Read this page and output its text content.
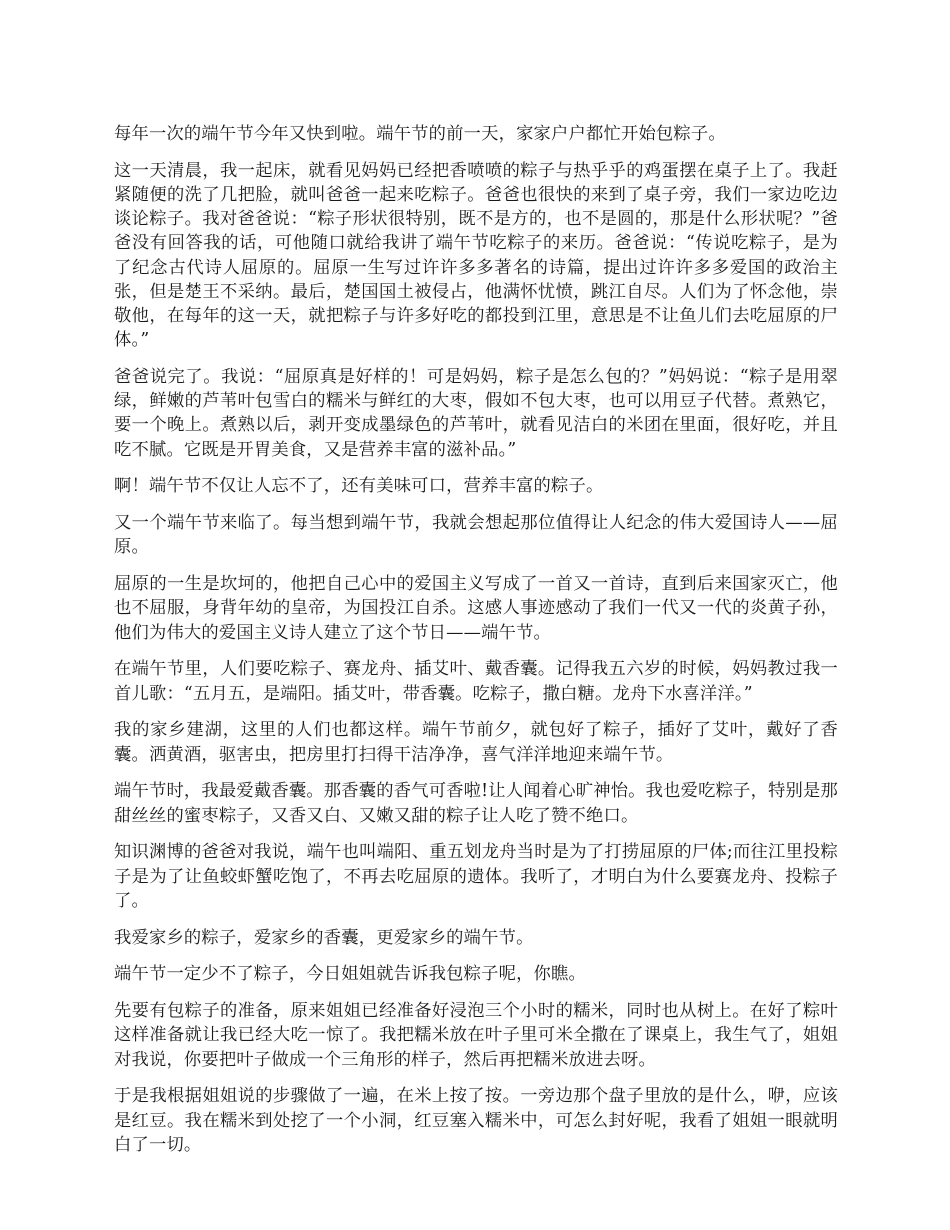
每年一次的端午节今年又快到啦。端午节的前一天，家家户户都忙开始包粽子。

这一天清晨，我一起床，就看见妈妈已经把香喷喷的粽子与热乎乎的鸡蛋摆在桌子上了。我赶紧随便的洗了几把脸，就叫爸爸一起来吃粽子。爸爸也很快的来到了桌子旁，我们一家边吃边谈论粽子。我对爸爸说：“粽子形状很特别，既不是方的，也不是圆的，那是什么形状呢？”爸爸没有回答我的话，可他随口就给我讲了端午节吃粽子的来历。爸爸说：“传说吃粽子，是为了纪念古代诗人屈原的。屈原一生写过许许多多著名的诗篇，提出过许许多多爱国的政治主张，但是楚王不采纳。最后，楚国国土被侵占，他满怀忧愤，跳江自尽。人们为了怀念他，崇敬他，在每年的这一天，就把粽子与许多好吃的都投到江里，意思是不让鱼儿们去吃屈原的尸体。”

爸爸说完了。我说：“屈原真是好样的！可是妈妈，粽子是怎么包的？”妈妈说：“粽子是用翠绿，鲜嫩的芦苇叶包雪白的糯米与鲜红的大枣，假如不包大枣，也可以用豆子代替。煮熟它，要一个晚上。煮熟以后，剥开变成墨绿色的芦苇叶，就看见洁白的米团在里面，很好吃，并且吃不腻。它既是开胃美食，又是营养丰富的滋补品。”

啊！端午节不仅让人忘不了，还有美味可口，营养丰富的粽子。

又一个端午节来临了。每当想到端午节，我就会想起那位值得让人纪念的伟大爱国诗人——屈原。

屈原的一生是坎坷的，他把自己心中的爱国主义写成了一首又一首诗，直到后来国家灭亡，他也不屈服，身背年幼的皇帝，为国投江自杀。这感人事迹感动了我们一代又一代的炎黄子孙，他们为伟大的爱国主义诗人建立了这个节日——端午节。

在端午节里，人们要吃粽子、赛龙舟、插艾叶、戴香囊。记得我五六岁的时候，妈妈教过我一首儿歌：“五月五，是端阳。插艾叶，带香囊。吃粽子，撒白糖。龙舟下水喜洋洋。”

我的家乡建湖，这里的人们也都这样。端午节前夕，就包好了粽子，插好了艾叶，戴好了香囊。洒黄酒，驱害虫，把房里打扫得干洁净净，喜气洋洋地迎来端午节。

端午节时，我最爱戴香囊。那香囊的香气可香啦!让人闻着心旷神怡。我也爱吃粽子，特别是那甜丝丝的蜜枣粽子，又香又白、又嫩又甜的粽子让人吃了赞不绝口。

知识渊博的爸爸对我说，端午也叫端阳、重五划龙舟当时是为了打捞屈原的尸体;而往江里投粽子是为了让鱼蛟虾蟹吃饱了，不再去吃屈原的遗体。我听了，才明白为什么要赛龙舟、投粽子了。

我爱家乡的粽子，爱家乡的香囊，更爱家乡的端午节。

端午节一定少不了粽子，今日姐姐就告诉我包粽子呢，你瞧。

先要有包粽子的准备，原来姐姐已经准备好浸泡三个小时的糯米，同时也从树上。在好了粽叶这样准备就让我已经大吃一惊了。我把糯米放在叶子里可米全撒在了课桌上，我生气了，姐姐对我说，你要把叶子做成一个三角形的样子，然后再把糯米放进去呀。

于是我根据姐姐说的步骤做了一遍，在米上按了按。一旁边那个盘子里放的是什么，咿，应该是红豆。我在糯米到处挖了一个小洞，红豆塞入糯米中，可怎么封好呢，我看了姐姐一眼就明白了一切。
